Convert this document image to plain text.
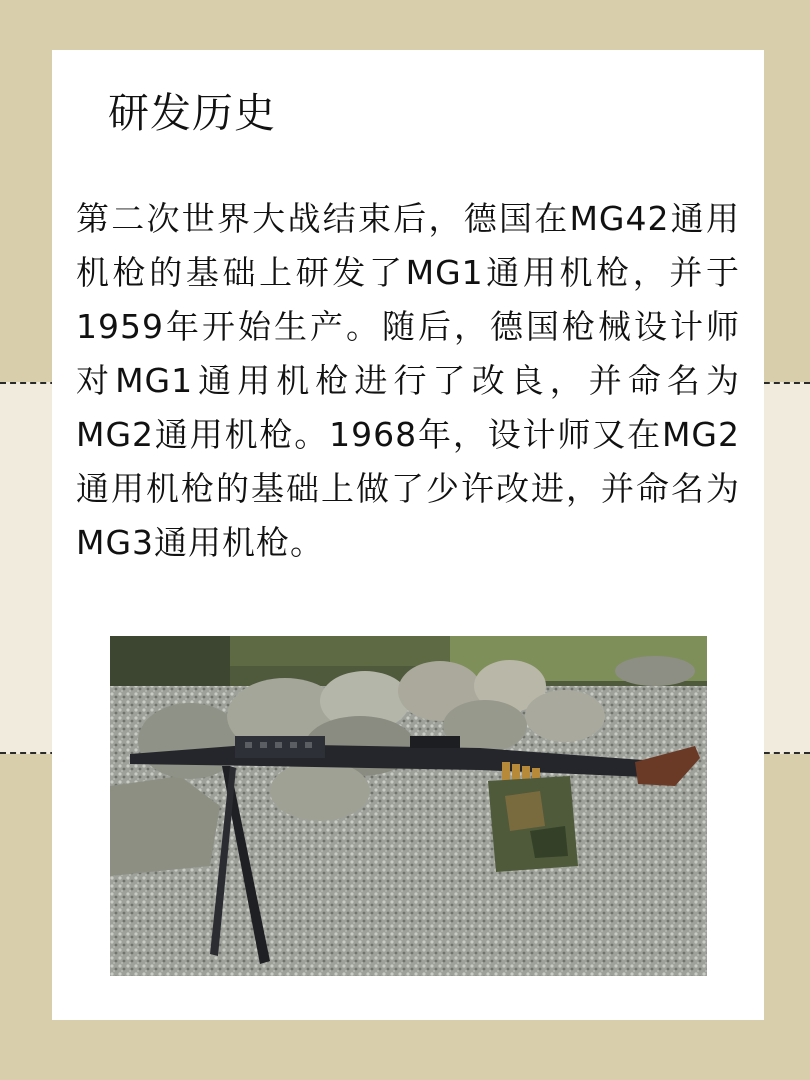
研发历史
第二次世界大战结束后，德国在MG42通用机枪的基础上研发了MG1通用机枪，并于1959年开始生产。随后，德国枪械设计师对MG1通用机枪进行了改良，并命名为MG2通用机枪。1968年，设计师又在MG2通用机枪的基础上做了少许改进，并命名为MG3通用机枪。
